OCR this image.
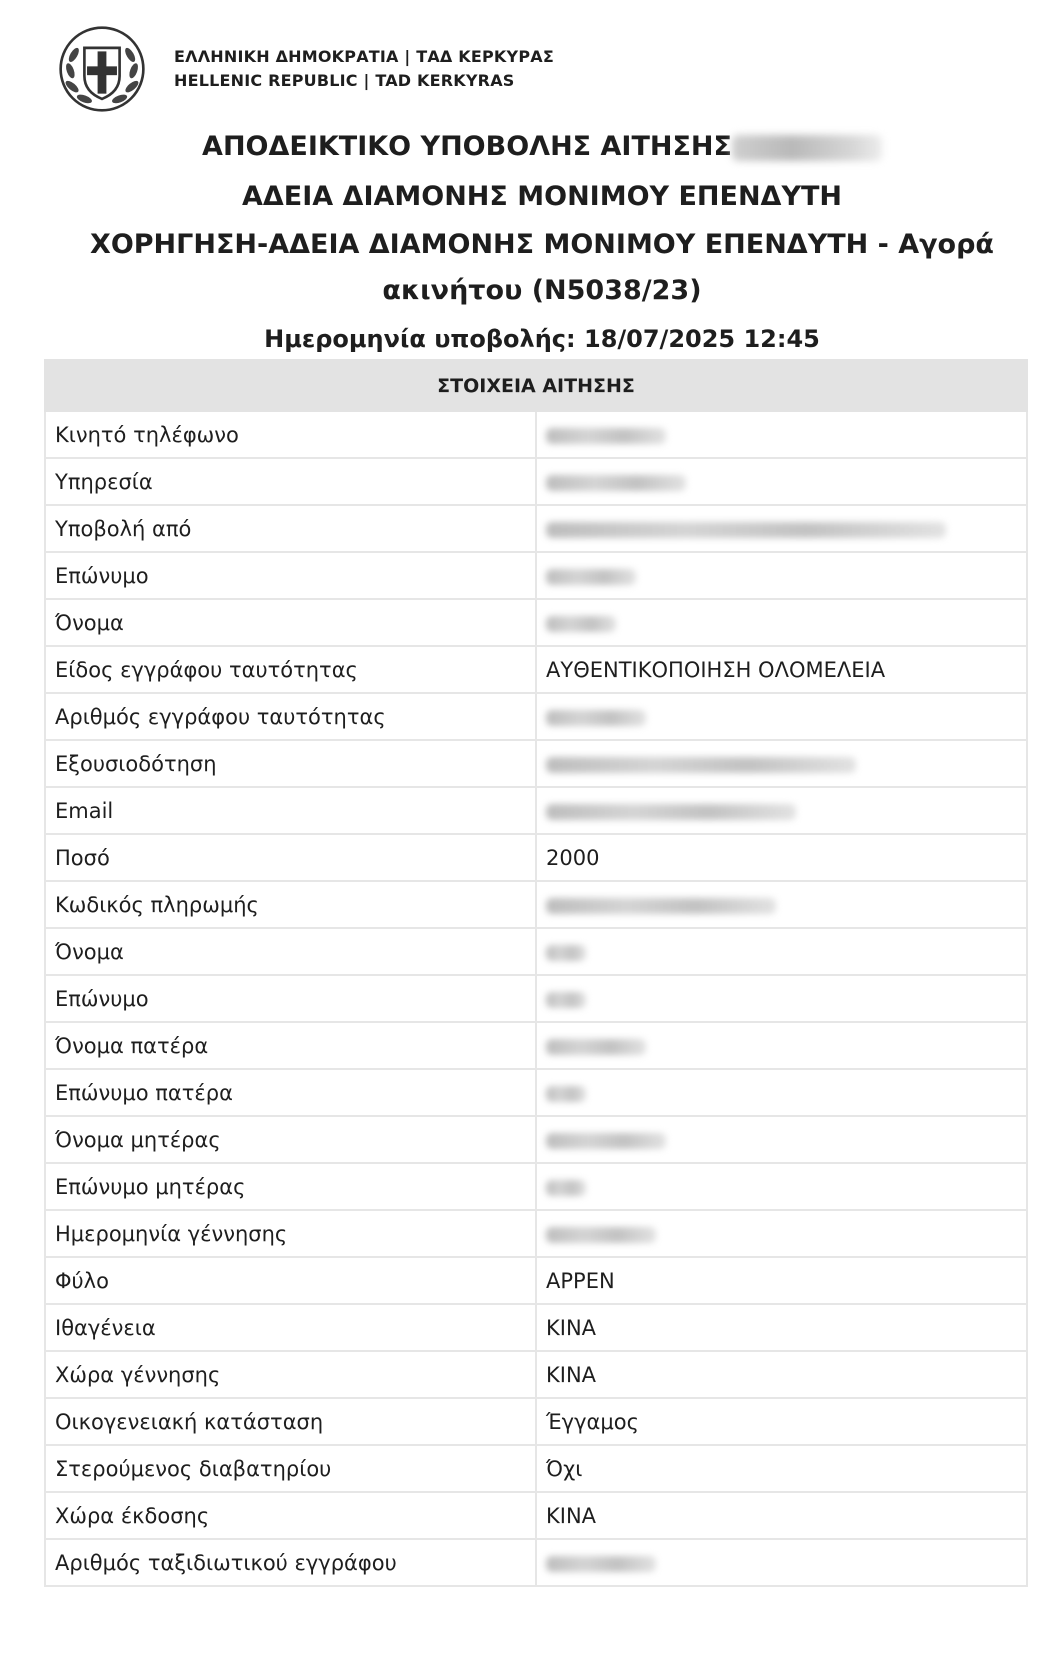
ΕΛΛΗΝΙΚΗ ΔΗΜΟΚΡΑΤΙΑ | ΤΑΔ ΚΕΡΚΥΡΑΣ
HELLENIC REPUBLIC | TAD KERKYRAS
ΑΠΟΔΕΙΚΤΙΚΟ ΥΠΟΒΟΛΗΣ ΑΙΤΗΣΗΣ
ΑΔΕΙΑ ΔΙΑΜΟΝΗΣ ΜΟΝΙΜΟΥ ΕΠΕΝΔΥΤΗ
ΧΟΡΗΓΗΣΗ-ΑΔΕΙΑ ΔΙΑΜΟΝΗΣ ΜΟΝΙΜΟΥ ΕΠΕΝΔΥΤΗ - Αγορά ακινήτου (Ν5038/23)
Ημερομηνία υποβολής: 18/07/2025 12:45
ΣΤΟΙΧΕΙΑ ΑΙΤΗΣΗΣ	
Κινητό τηλέφωνο	
Υπηρεσία	
Υποβολή από	
Επώνυμο	
Όνομα	
Είδος εγγράφου ταυτότητας	ΑΥΘΕΝΤΙΚΟΠΟΙΗΣΗ ΟΛΟΜΕΛΕΙΑ
Αριθμός εγγράφου ταυτότητας	
Εξουσιοδότηση	
Email	
Ποσό	2000
Κωδικός πληρωμής	
Όνομα	
Επώνυμο	
Όνομα πατέρα	
Επώνυμο πατέρα	
Όνομα μητέρας	
Επώνυμο μητέρας	
Ημερομηνία γέννησης	
Φύλο	ΑΡΡΕΝ
Ιθαγένεια	ΚΙΝΑ
Χώρα γέννησης	ΚΙΝΑ
Οικογενειακή κατάσταση	Έγγαμος
Στερούμενος διαβατηρίου	Όχι
Χώρα έκδοσης	ΚΙΝΑ
Αριθμός ταξιδιωτικού εγγράφου	
